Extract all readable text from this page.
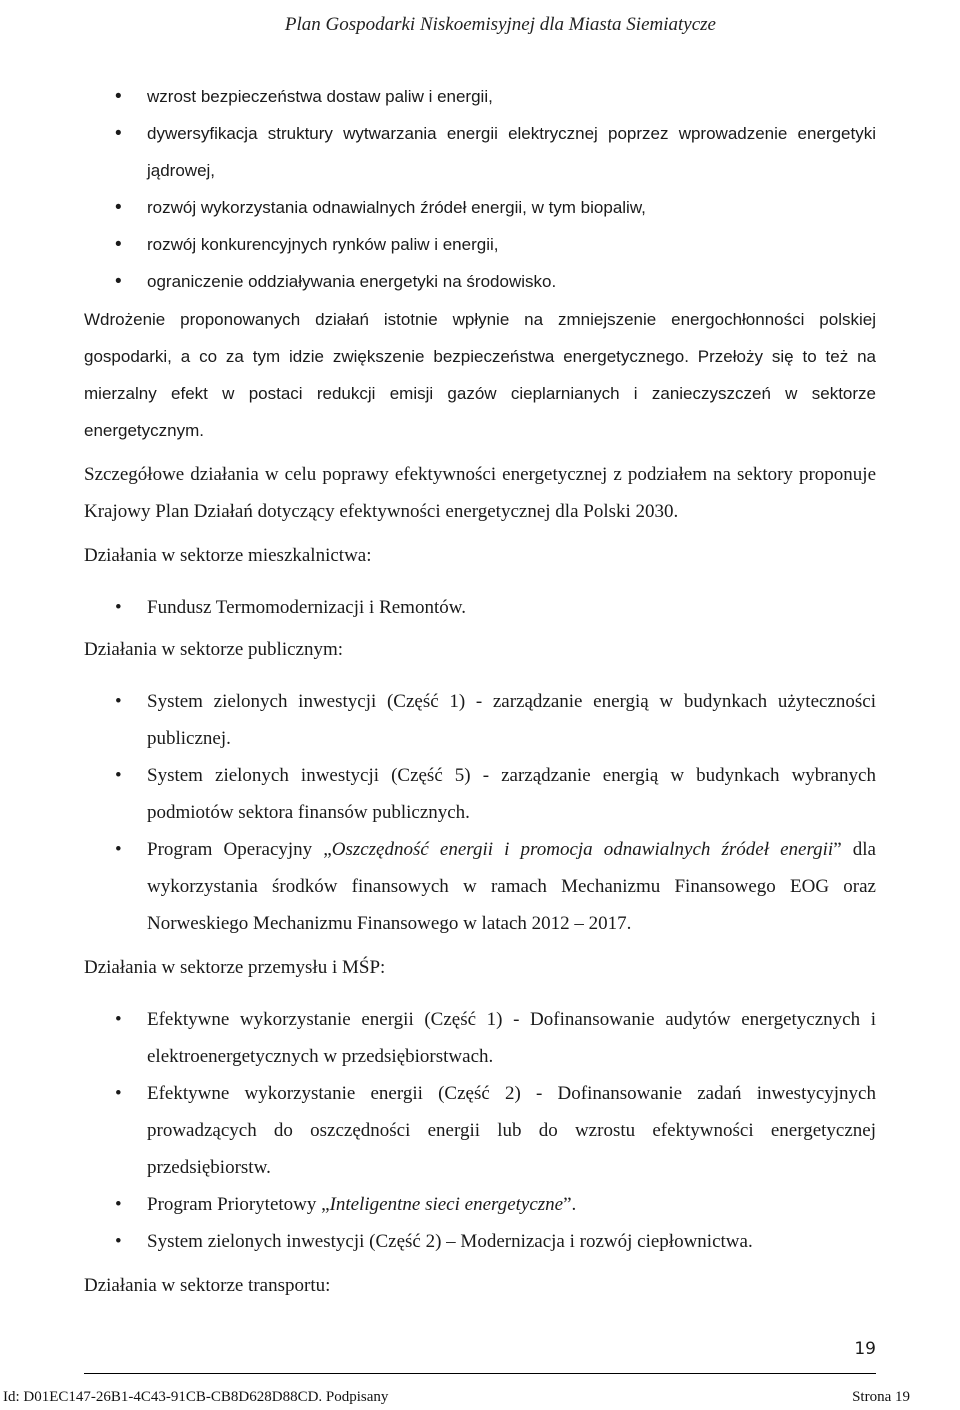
Plan Gospodarki Niskoemisyjnej dla Miasta Siemiatycze
• wzrost bezpieczeństwa dostaw paliw i energii,
• dywersyfikacja struktury wytwarzania energii elektrycznej poprzez wprowadzenie energetyki jądrowej,
• rozwój wykorzystania odnawialnych źródeł energii, w tym biopaliw,
• rozwój konkurencyjnych rynków paliw i energii,
• ograniczenie oddziaływania energetyki na środowisko.

Wdrożenie proponowanych działań istotnie wpłynie na zmniejszenie energochłonności polskiej gospodarki, a co za tym idzie zwiększenie bezpieczeństwa energetycznego. Przełoży się to też na mierzalny efekt w postaci redukcji emisji gazów cieplarnianych i zanieczyszczeń w sektorze energetycznym.

Szczegółowe działania w celu poprawy efektywności energetycznej z podziałem na sektory proponuje Krajowy Plan Działań dotyczący efektywności energetycznej dla Polski 2030.

Działania w sektorze mieszkalnictwa:

• Fundusz Termomodernizacji i Remontów.

Działania w sektorze publicznym:

• System zielonych inwestycji (Część 1) - zarządzanie energią w budynkach użyteczności publicznej.
• System zielonych inwestycji (Część 5) - zarządzanie energią w budynkach wybranych podmiotów sektora finansów publicznych.
• Program Operacyjny „Oszczędność energii i promocja odnawialnych źródeł energii” dla wykorzystania środków finansowych w ramach Mechanizmu Finansowego EOG oraz Norweskiego Mechanizmu Finansowego w latach 2012 – 2017.

Działania w sektorze przemysłu i MŚP:

• Efektywne wykorzystanie energii (Część 1) - Dofinansowanie audytów energetycznych i elektroenergetycznych w przedsiębiorstwach.
• Efektywne wykorzystanie energii (Część 2) - Dofinansowanie zadań inwestycyjnych prowadzących do oszczędności energii lub do wzrostu efektywności energetycznej przedsiębiorstw.
• Program Priorytetowy „Inteligentne sieci energetyczne”.
• System zielonych inwestycji (Część 2) – Modernizacja i rozwój ciepłownictwa.

Działania w sektorze transportu:

19
Id: D01EC147-26B1-4C43-91CB-CB8D628D88CD. Podpisany	Strona 19
